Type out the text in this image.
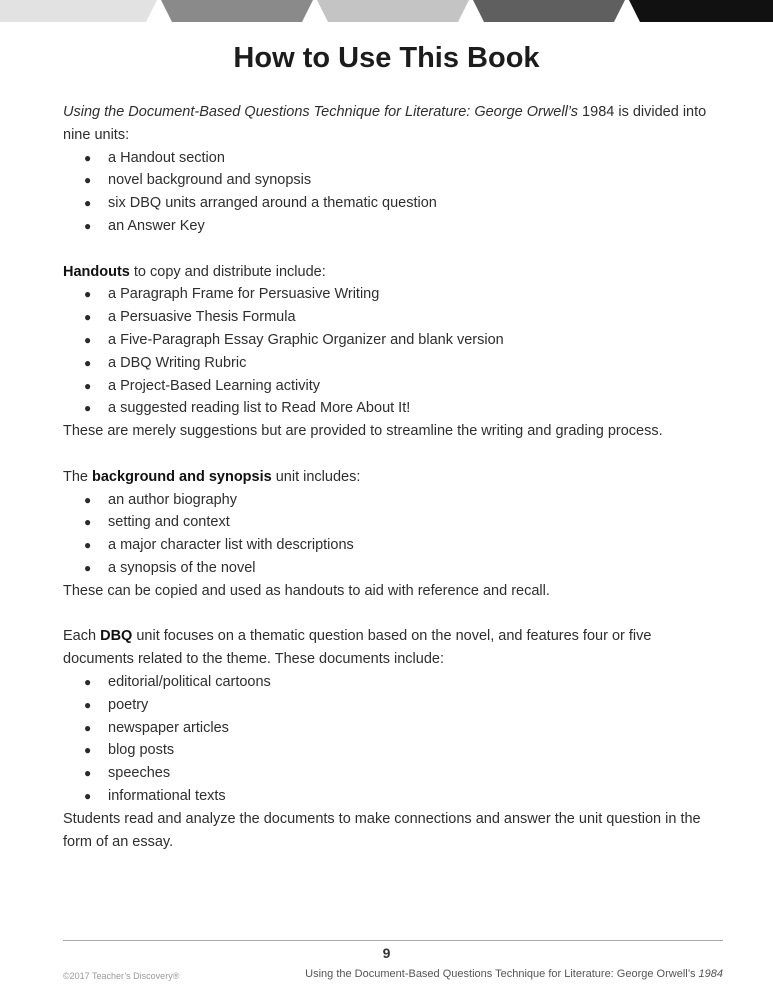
How to Use This Book

Using the Document-Based Questions Technique for Literature: George Orwell’s 1984 is divided into nine units:

● a Handout section
● novel background and synopsis
● six DBQ units arranged around a thematic question
● an Answer Key

Handouts to copy and distribute include:

● a Paragraph Frame for Persuasive Writing
● a Persuasive Thesis Formula
● a Five-Paragraph Essay Graphic Organizer and blank version
● a DBQ Writing Rubric
● a Project-Based Learning activity
● a suggested reading list to Read More About It!

These are merely suggestions but are provided to streamline the writing and grading process.

The background and synopsis unit includes:

● an author biography
● setting and context
● a major character list with descriptions
● a synopsis of the novel

These can be copied and used as handouts to aid with reference and recall.

Each DBQ unit focuses on a thematic question based on the novel, and features four or five documents related to the theme. These documents include:

● editorial/political cartoons
● poetry
● newspaper articles
● blog posts
● speeches
● informational texts

Students read and analyze the documents to make connections and answer the unit question in the form of an essay.

9
©2017 Teacher’s Discovery®	Using the Document-Based Questions Technique for Literature: George Orwell’s 1984
